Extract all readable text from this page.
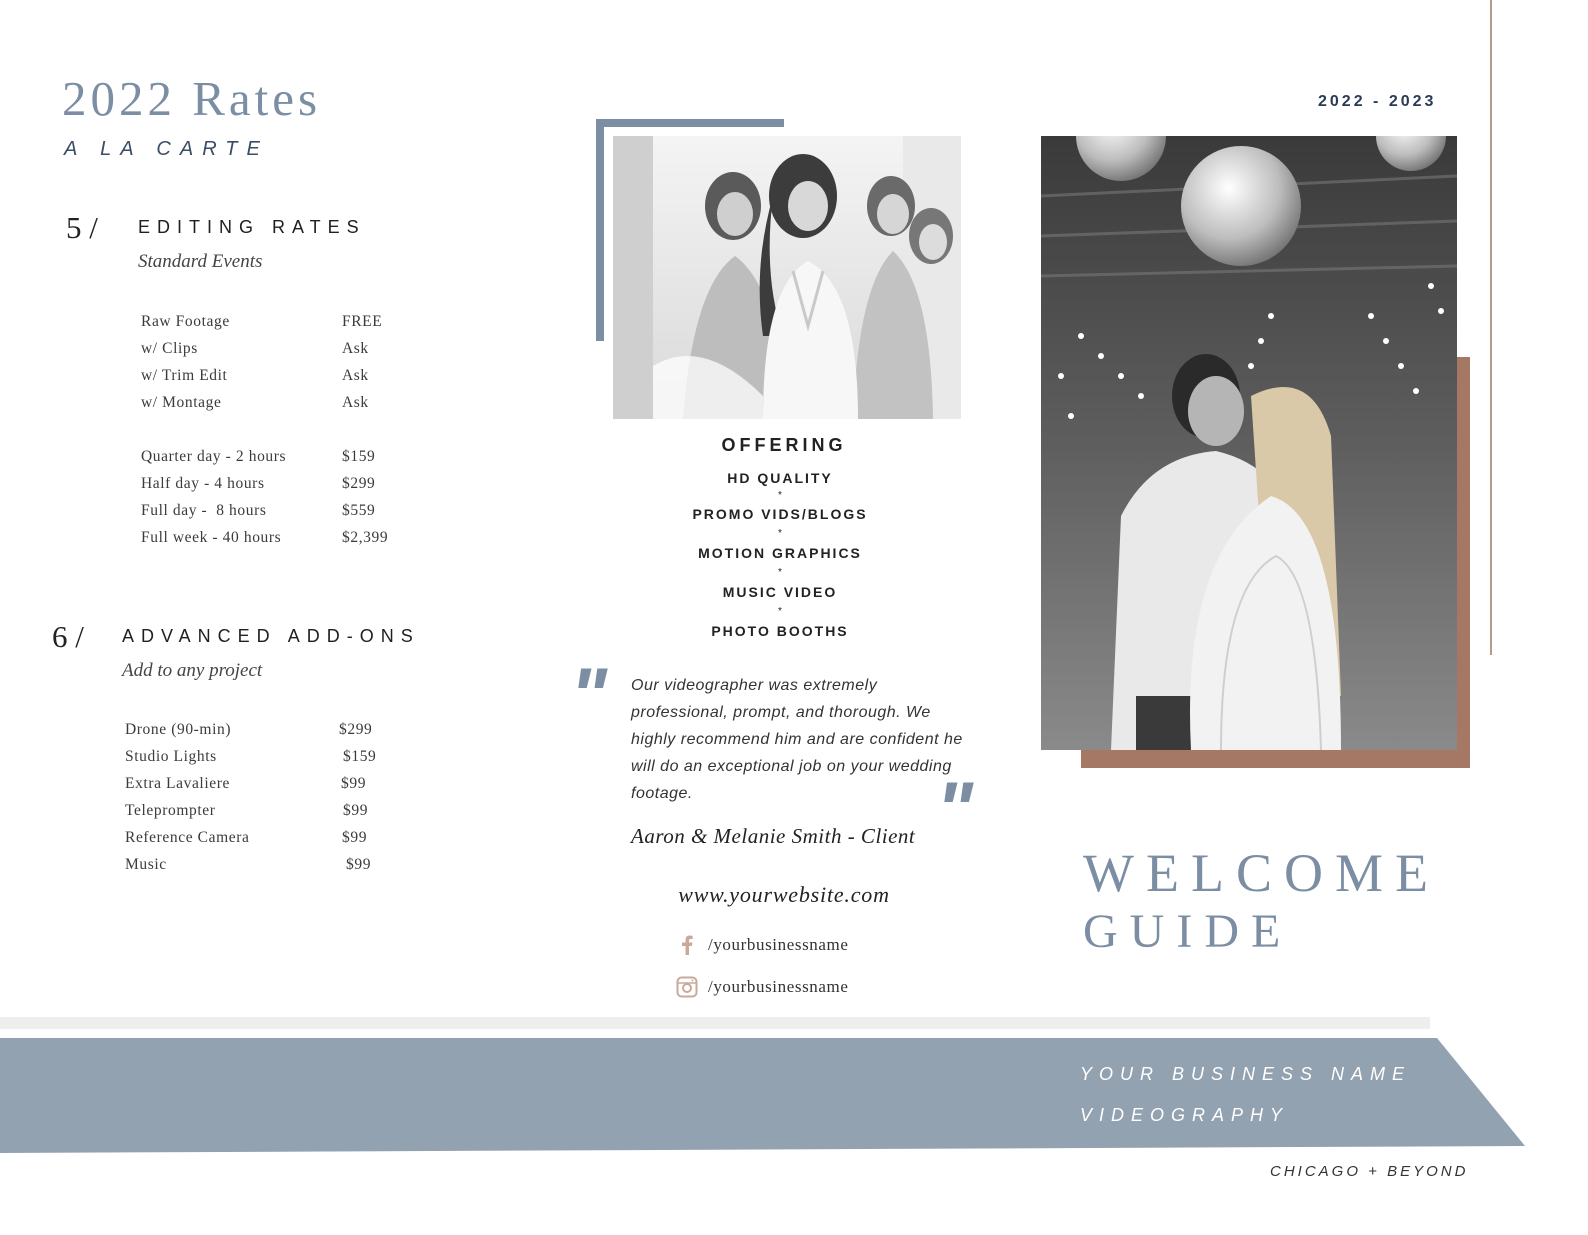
2022 Rates
A LA CARTE
5 / EDITING RATES
Standard Events
Raw Footage	FREE
w/ Clips	Ask
w/ Trim Edit	Ask
w/ Montage	Ask
Quarter day - 2 hours	$159
Half day - 4 hours	$299
Full day -  8 hours	$559
Full week - 40 hours	$2,399
6 / ADVANCED ADD-ONS
Add to any project
Drone (90-min)	$299
Studio Lights	$159
Extra Lavaliere	$99
Teleprompter	$99
Reference Camera	$99
Music	$99
OFFERING
HD QUALITY
*
PROMO VIDS/BLOGS
*
MOTION GRAPHICS
*
MUSIC VIDEO
*
PHOTO BOOTHS
" Our videographer was extremely professional, prompt, and thorough. We highly recommend him and are confident he will do an exceptional job on your wedding footage.	"
Aaron & Melanie Smith - Client
www.yourwebsite.com
/yourbusinessname
/yourbusinessname
2022 - 2023
WELCOME
GUIDE
YOUR BUSINESS NAME
VIDEOGRAPHY
CHICAGO + BEYOND
